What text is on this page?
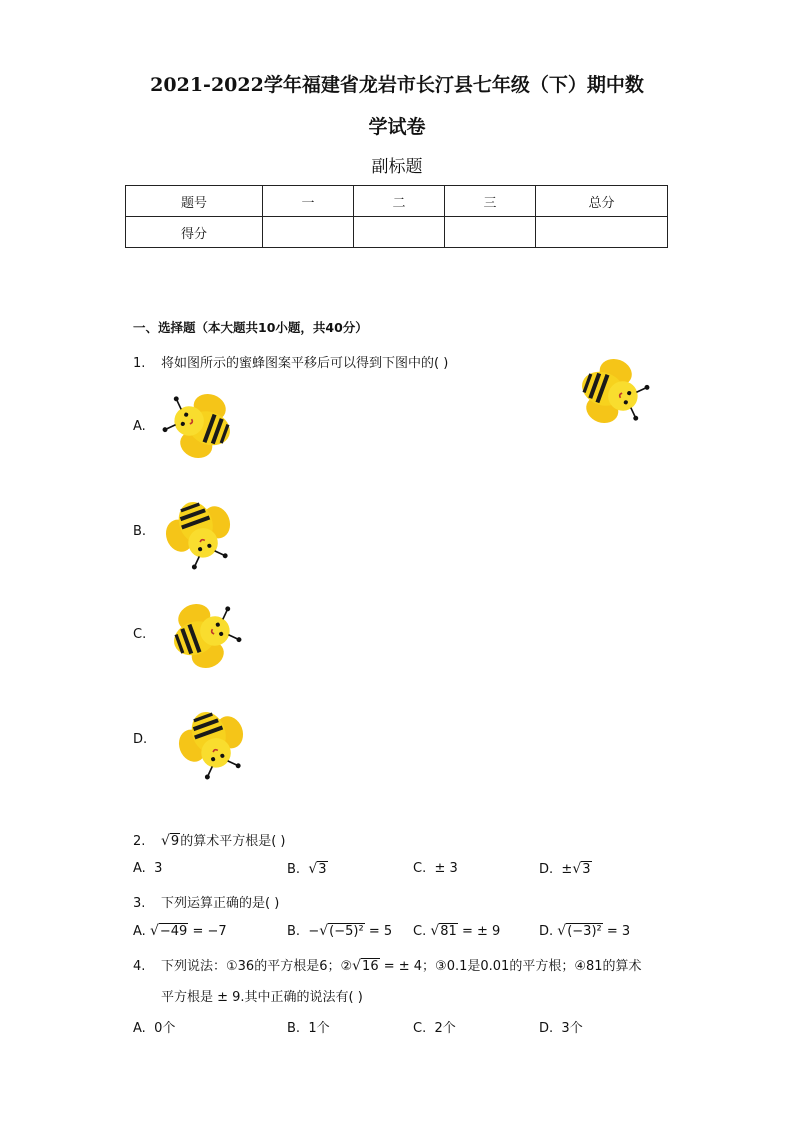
2021-2022学年福建省龙岩市长汀县七年级（下）期中数
学试卷
副标题
题号	一	二	三	总分
得分				
一、选择题（本大题共10小题，共40分）
1. 将如图所示的蜜蜂图案平移后可以得到下图中的( )
A.
B.
C.
D.
2. √9的算术平方根是( )
A. 3	B. √3	C. ± 3	D. ±√3
3. 下列运算正确的是( )
A. √−49 = −7	B. −√(−5)² = 5 C. √81 = ± 9	D. √(−3)² = 3
4. 下列说法：①36的平方根是6；②√16 = ± 4；③0.1是0.01的平方根；④81的算术
平方根是 ± 9.其中正确的说法有( )
A. 0个	B. 1个	C. 2个	D. 3个
